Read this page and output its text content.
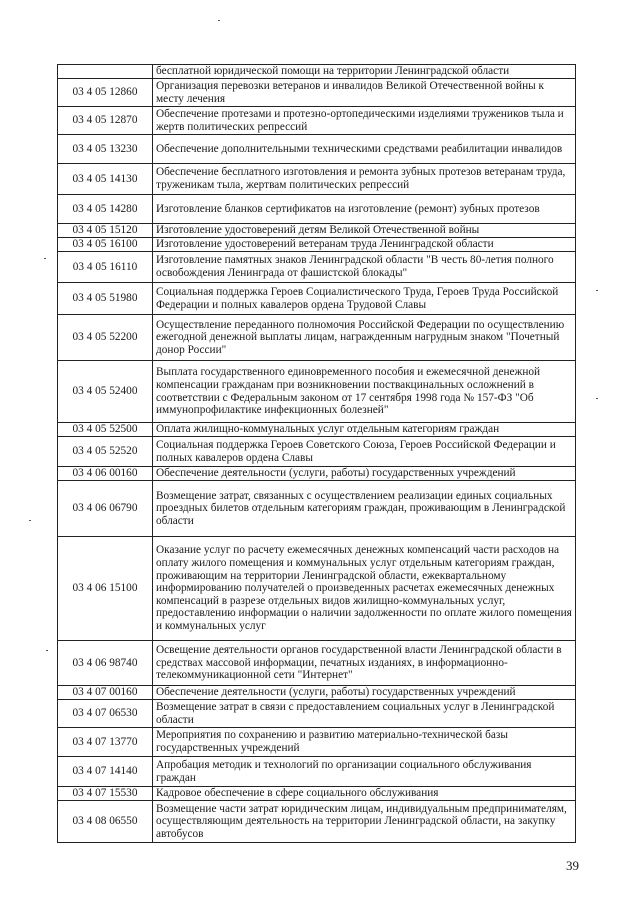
	бесплатной юридической помощи на территории Ленинградской области
03 4 05 12860	Организация перевозки ветеранов и инвалидов Великой Отечественной войны к месту лечения
03 4 05 12870	Обеспечение протезами и протезно-ортопедическими изделиями тружеников тыла и жертв политических репрессий
03 4 05 13230	Обеспечение дополнительными техническими средствами реабилитации инвалидов
03 4 05 14130	Обеспечение бесплатного изготовления и ремонта зубных протезов ветеранам труда, труженикам тыла, жертвам политических репрессий
03 4 05 14280	Изготовление бланков сертификатов на изготовление (ремонт) зубных протезов
03 4 05 15120	Изготовление удостоверений детям Великой Отечественной войны
03 4 05 16100	Изготовление удостоверений ветеранам труда Ленинградской области
03 4 05 16110	Изготовление памятных знаков Ленинградской области "В честь 80-летия полного освобождения Ленинграда от фашистской блокады"
03 4 05 51980	Социальная поддержка Героев Социалистического Труда, Героев Труда Российской Федерации и полных кавалеров ордена Трудовой Славы
03 4 05 52200	Осуществление переданного полномочия Российской Федерации по осуществлению ежегодной денежной выплаты лицам, награжденным нагрудным знаком "Почетный донор России"
03 4 05 52400	Выплата государственного единовременного пособия и ежемесячной денежной компенсации гражданам при возникновении поствакцинальных осложнений в соответствии с Федеральным законом от 17 сентября 1998 года № 157-ФЗ "Об иммунопрофилактике инфекционных болезней"
03 4 05 52500	Оплата жилищно-коммунальных услуг отдельным категориям граждан
03 4 05 52520	Социальная поддержка Героев Советского Союза, Героев Российской Федерации и полных кавалеров ордена Славы
03 4 06 00160	Обеспечение деятельности (услуги, работы) государственных учреждений
03 4 06 06790	Возмещение затрат, связанных с осуществлением реализации единых социальных проездных билетов отдельным категориям граждан, проживающим в Ленинградской области
03 4 06 15100	Оказание услуг по расчету ежемесячных денежных компенсаций части расходов на оплату жилого помещения и коммунальных услуг отдельным категориям граждан, проживающим на территории Ленинградской области, ежеквартальному информированию получателей о произведенных расчетах ежемесячных денежных компенсаций в разрезе отдельных видов жилищно-коммунальных услуг, предоставлению информации о наличии задолженности по оплате жилого помещения и коммунальных услуг
03 4 06 98740	Освещение деятельности органов государственной власти Ленинградской области в средствах массовой информации, печатных изданиях, в информационно-телекоммуникационной сети "Интернет"
03 4 07 00160	Обеспечение деятельности (услуги, работы) государственных учреждений
03 4 07 06530	Возмещение затрат в связи с предоставлением социальных услуг в Ленинградской области
03 4 07 13770	Мероприятия по сохранению и развитию материально-технической базы государственных учреждений
03 4 07 14140	Апробация методик и технологий по организации социального обслуживания граждан
03 4 07 15530	Кадровое обеспечение в сфере социального обслуживания
03 4 08 06550	Возмещение части затрат юридическим лицам, индивидуальным предпринимателям, осуществляющим деятельность на территории Ленинградской области, на закупку автобусов
39
